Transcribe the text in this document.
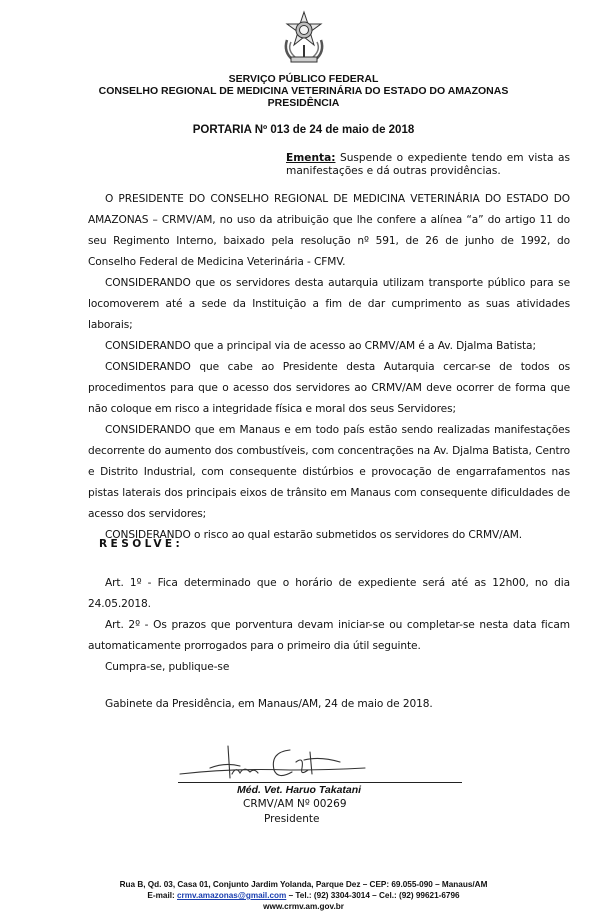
SERVIÇO PÚBLICO FEDERAL
CONSELHO REGIONAL DE MEDICINA VETERINÁRIA DO ESTADO DO AMAZONAS
PRESIDÊNCIA
PORTARIA Nº 013 de 24 de maio de 2018
Ementa: Suspende o expediente tendo em vista as manifestações e dá outras providências.

O PRESIDENTE DO CONSELHO REGIONAL DE MEDICINA VETERINÁRIA DO ESTADO DO AMAZONAS – CRMV/AM, no uso da atribuição que lhe confere a alínea “a” do artigo 11 do seu Regimento Interno, baixado pela resolução nº 591, de 26 de junho de 1992, do Conselho Federal de Medicina Veterinária - CFMV.

CONSIDERANDO que os servidores desta autarquia utilizam transporte público para se locomoverem até a sede da Instituição a fim de dar cumprimento as suas atividades laborais;

CONSIDERANDO que a principal via de acesso ao CRMV/AM é a Av. Djalma Batista;

CONSIDERANDO que cabe ao Presidente desta Autarquia cercar-se de todos os procedimentos para que o acesso dos servidores ao CRMV/AM deve ocorrer de forma que não coloque em risco a integridade física e moral dos seus Servidores;

CONSIDERANDO que em Manaus e em todo país estão sendo realizadas manifestações decorrente do aumento dos combustíveis, com concentrações na Av. Djalma Batista, Centro e Distrito Industrial, com consequente distúrbios e provocação de engarrafamentos nas pistas laterais dos principais eixos de trânsito em Manaus com consequente dificuldades de acesso dos servidores;

CONSIDERANDO o risco ao qual estarão submetidos os servidores do CRMV/AM.

RESOLVE:

Art. 1º - Fica determinado que o horário de expediente será até as 12h00, no dia 24.05.2018.

Art. 2º - Os prazos que porventura devam iniciar-se ou completar-se nesta data ficam automaticamente prorrogados para o primeiro dia útil seguinte.

Cumpra-se, publique-se

Gabinete da Presidência, em Manaus/AM, 24 de maio de 2018.
Méd. Vet. Haruo Takatani
CRMV/AM Nº 00269
Presidente
Rua B, Qd. 03, Casa 01, Conjunto Jardim Yolanda, Parque Dez – CEP: 69.055-090 – Manaus/AM
E-mail: crmv.amazonas@gmail.com – Tel.: (92) 3304-3014 – Cel.: (92) 99621-6796
www.crmv.am.gov.br
